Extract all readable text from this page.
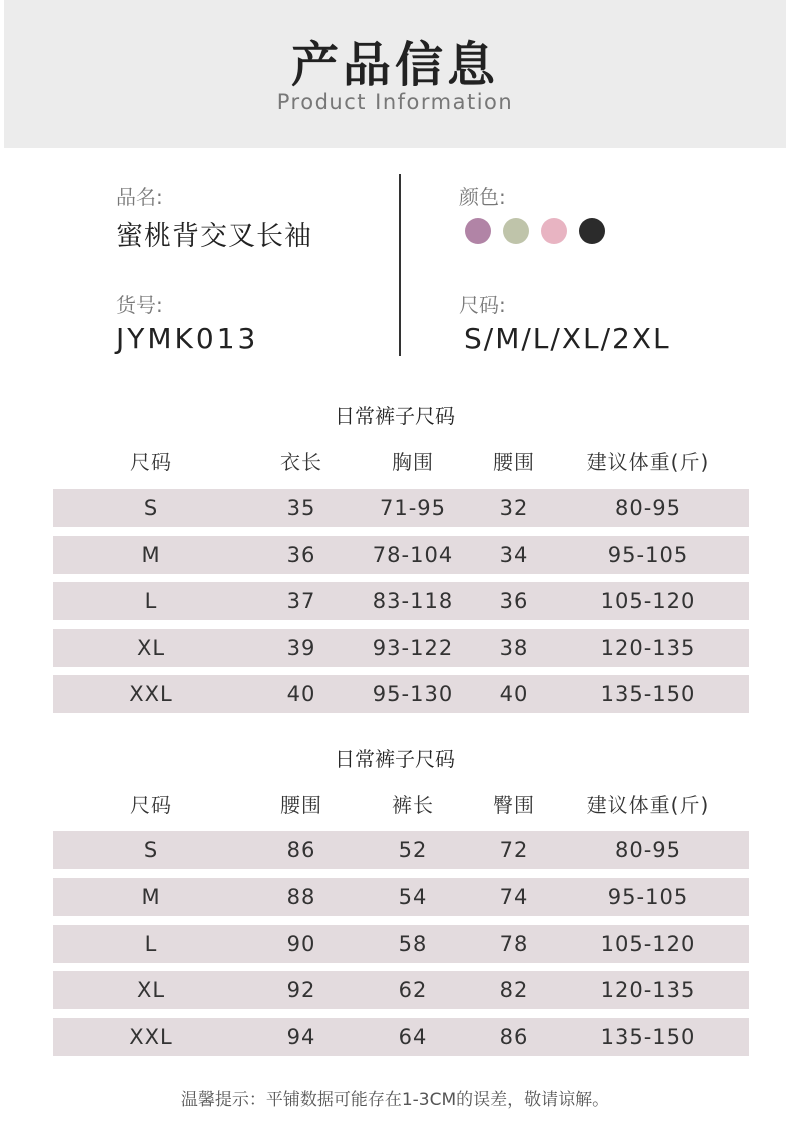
产品信息
Product Information
品名:
蜜桃背交叉长袖
货号:
JYMK013
颜色:
尺码:
S/M/L/XL/2XL
日常裤子尺码
尺码	衣长	胸围	腰围	建议体重(斤)
S	35	71-95	32	80-95
M	36	78-104	34	95-105
L	37	83-118	36	105-120
XL	39	93-122	38	120-135
XXL	40	95-130	40	135-150
日常裤子尺码
尺码	腰围	裤长	臀围	建议体重(斤)
S	86	52	72	80-95
M	88	54	74	95-105
L	90	58	78	105-120
XL	92	62	82	120-135
XXL	94	64	86	135-150
温馨提示：平铺数据可能存在1-3CM的误差，敬请谅解。
